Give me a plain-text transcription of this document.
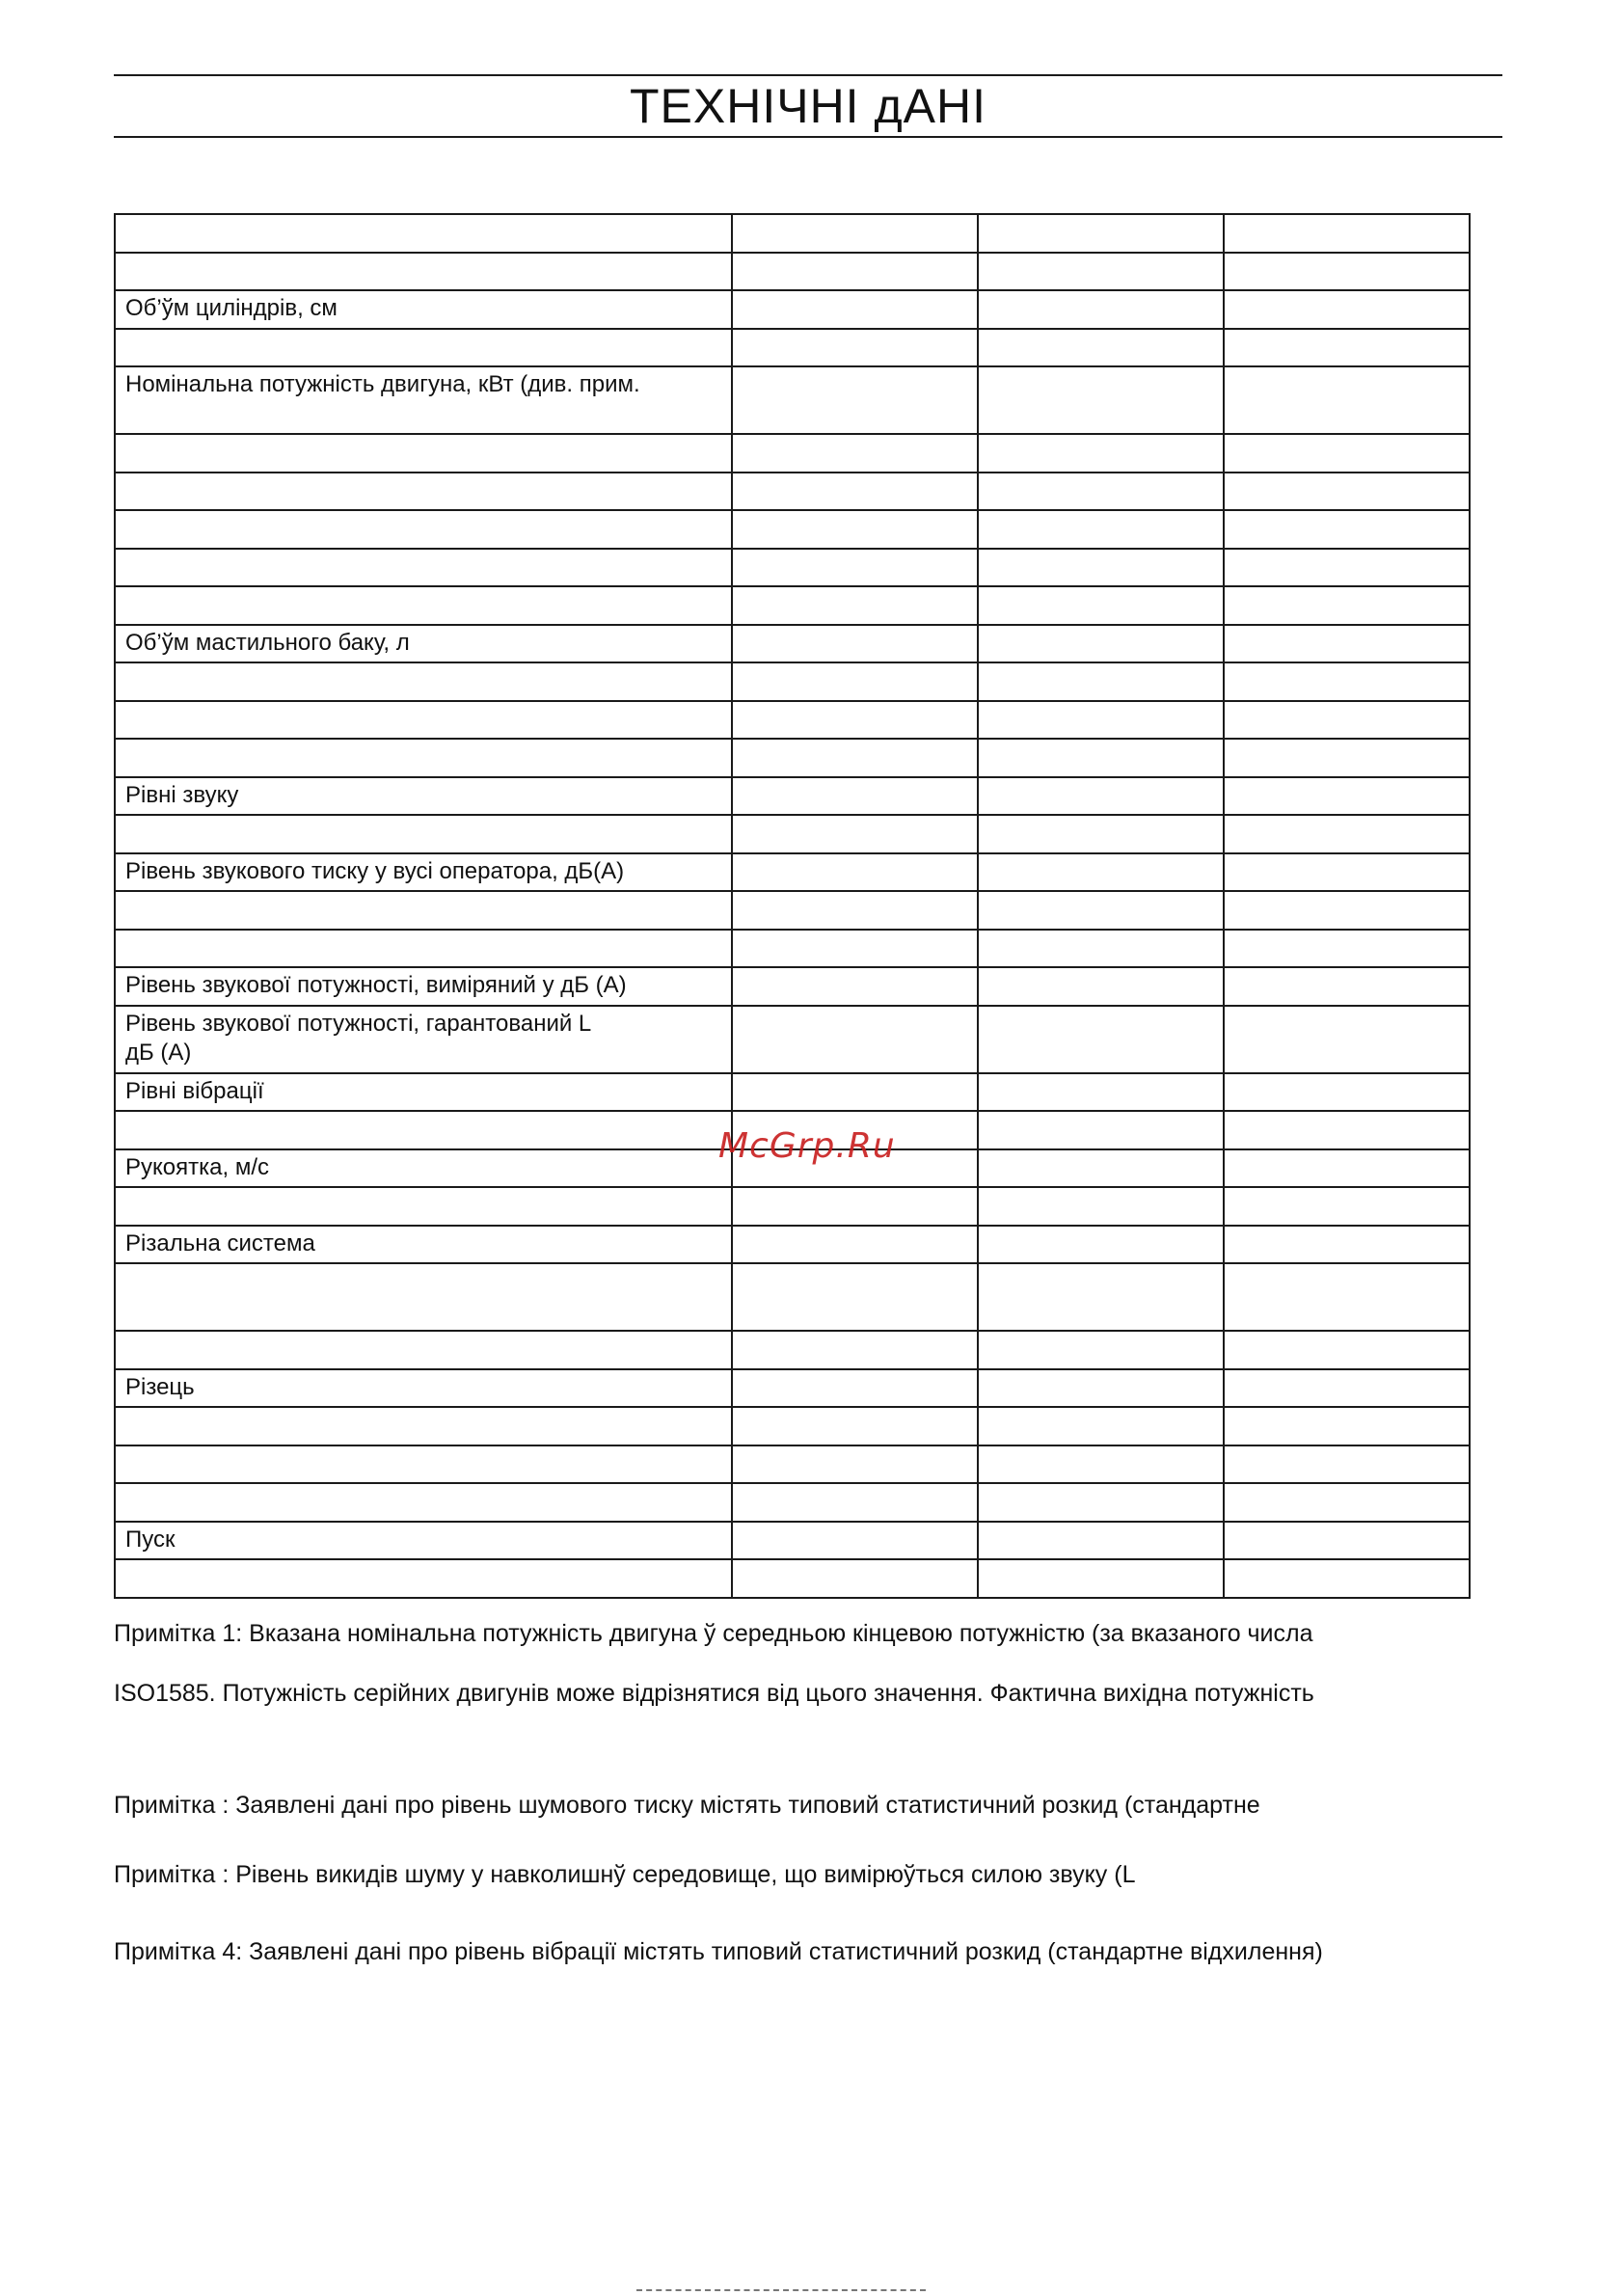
ТЕХНІЧНІ дАНІ

Об’ўм циліндрів, см			

Номінальна потужність двигуна, кВт (див. прим.			

Об’ўм мастильного баку, л			

Рівні звуку			

Рівень звукового тиску у вусі оператора, дБ(А)			

Рівень звукової потужності, виміряний у дБ (A)			

Рівень звукової потужності, гарантований L
дБ (A)			

Рівні вібрації			

Рукоятка, м/с			

Різальна система			

Різець			

Пуск			

McGrp.Ru
Примітка 1: Вказана номінальна потужність двигуна ў середньою кінцевою потужністю (за вказаного числа
ISO1585. Потужність серійних двигунів може відрізнятися від цього значення. Фактична вихідна потужність
Примітка : Заявлені дані про рівень шумового тиску містять типовий статистичний розкид (стандартне
Примітка : Рівень викидів шуму у навколишнў середовище, що вимірюўться силою звуку (L
Примітка 4: Заявлені дані про рівень вібрації містять типовий статистичний розкид (стандартне відхилення)
